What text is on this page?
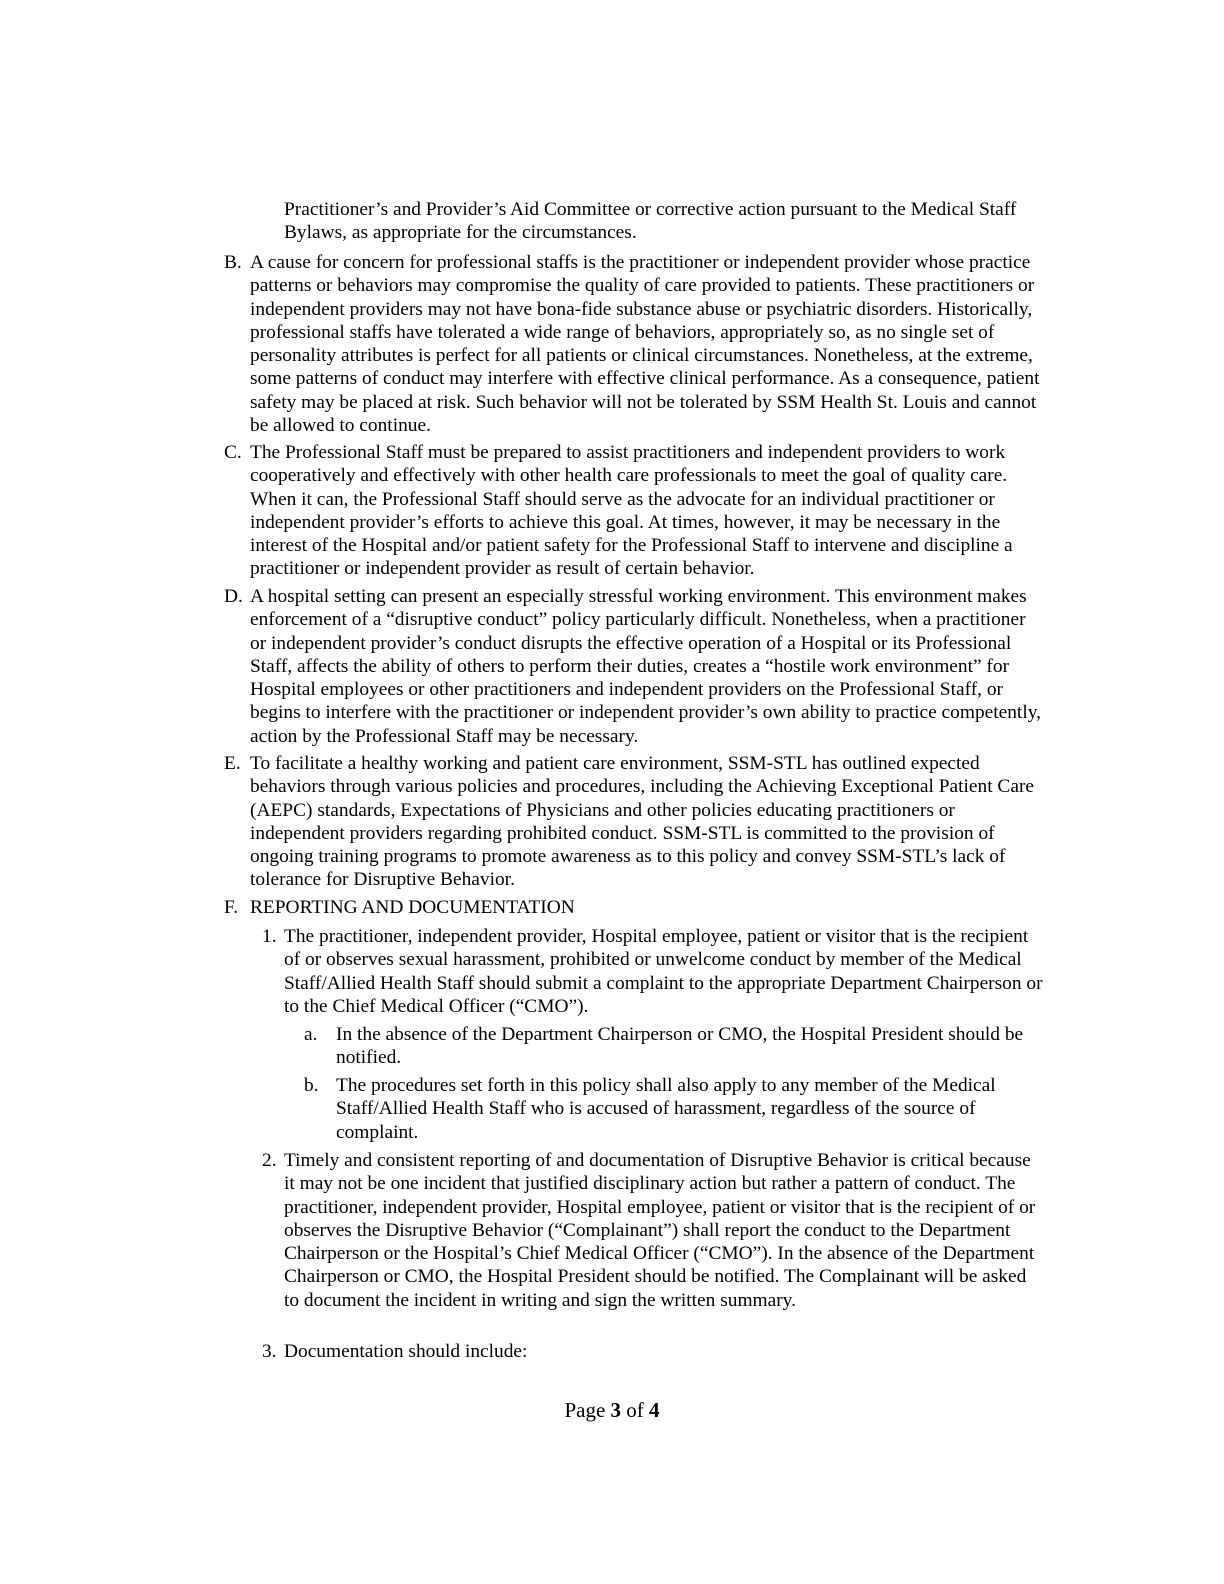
Practitioner’s and Provider’s Aid Committee or corrective action pursuant to the Medical Staff Bylaws, as appropriate for the circumstances.

B. A cause for concern for professional staffs is the practitioner or independent provider whose practice patterns or behaviors may compromise the quality of care provided to patients. These practitioners or independent providers may not have bona-fide substance abuse or psychiatric disorders. Historically, professional staffs have tolerated a wide range of behaviors, appropriately so, as no single set of personality attributes is perfect for all patients or clinical circumstances. Nonetheless, at the extreme, some patterns of conduct may interfere with effective clinical performance. As a consequence, patient safety may be placed at risk. Such behavior will not be tolerated by SSM Health St. Louis and cannot be allowed to continue.

C. The Professional Staff must be prepared to assist practitioners and independent providers to work cooperatively and effectively with other health care professionals to meet the goal of quality care. When it can, the Professional Staff should serve as the advocate for an individual practitioner or independent provider’s efforts to achieve this goal. At times, however, it may be necessary in the interest of the Hospital and/or patient safety for the Professional Staff to intervene and discipline a practitioner or independent provider as result of certain behavior.

D. A hospital setting can present an especially stressful working environment. This environment makes enforcement of a “disruptive conduct” policy particularly difficult. Nonetheless, when a practitioner or independent provider’s conduct disrupts the effective operation of a Hospital or its Professional Staff, affects the ability of others to perform their duties, creates a “hostile work environment” for Hospital employees or other practitioners and independent providers on the Professional Staff, or begins to interfere with the practitioner or independent provider’s own ability to practice competently, action by the Professional Staff may be necessary.

E. To facilitate a healthy working and patient care environment, SSM-STL has outlined expected behaviors through various policies and procedures, including the Achieving Exceptional Patient Care (AEPC) standards, Expectations of Physicians and other policies educating practitioners or independent providers regarding prohibited conduct. SSM-STL is committed to the provision of ongoing training programs to promote awareness as to this policy and convey SSM-STL’s lack of tolerance for Disruptive Behavior.

F. REPORTING AND DOCUMENTATION

1. The practitioner, independent provider, Hospital employee, patient or visitor that is the recipient of or observes sexual harassment, prohibited or unwelcome conduct by member of the Medical Staff/Allied Health Staff should submit a complaint to the appropriate Department Chairperson or to the Chief Medical Officer (“CMO”).

a. In the absence of the Department Chairperson or CMO, the Hospital President should be notified.

b. The procedures set forth in this policy shall also apply to any member of the Medical Staff/Allied Health Staff who is accused of harassment, regardless of the source of complaint.

2. Timely and consistent reporting of and documentation of Disruptive Behavior is critical because it may not be one incident that justified disciplinary action but rather a pattern of conduct. The practitioner, independent provider, Hospital employee, patient or visitor that is the recipient of or observes the Disruptive Behavior (“Complainant”) shall report the conduct to the Department Chairperson or the Hospital’s Chief Medical Officer (“CMO”). In the absence of the Department Chairperson or CMO, the Hospital President should be notified. The Complainant will be asked to document the incident in writing and sign the written summary.

3. Documentation should include:

Page 3 of 4
